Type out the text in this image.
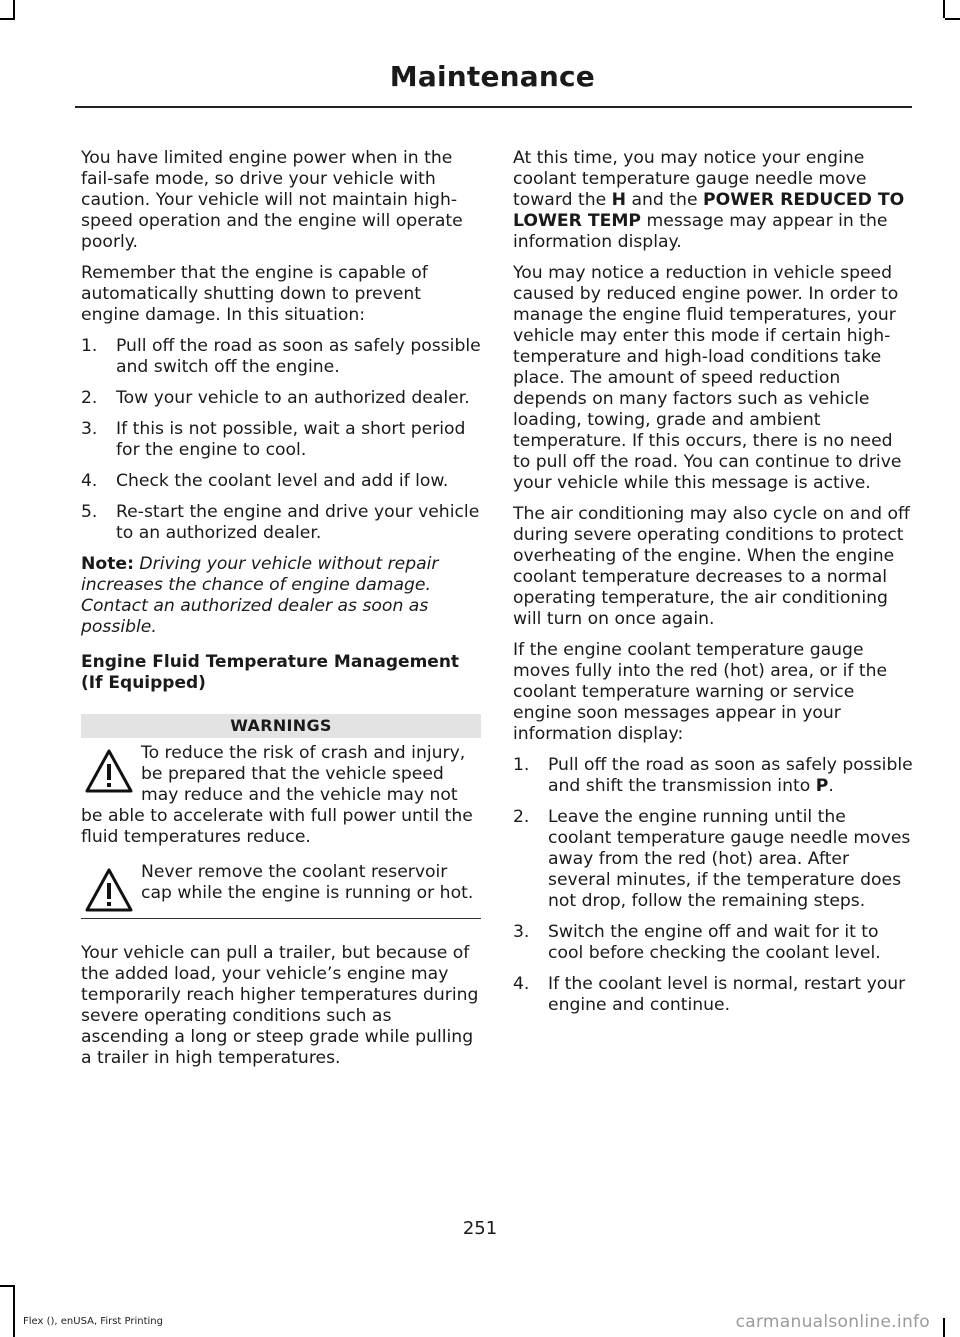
Maintenance

You have limited engine power when in the fail-safe mode, so drive your vehicle with caution. Your vehicle will not maintain high-speed operation and the engine will operate poorly.

Remember that the engine is capable of automatically shutting down to prevent engine damage. In this situation:

1. Pull off the road as soon as safely possible and switch off the engine.
2. Tow your vehicle to an authorized dealer.
3. If this is not possible, wait a short period for the engine to cool.
4. Check the coolant level and add if low.
5. Re-start the engine and drive your vehicle to an authorized dealer.

Note: Driving your vehicle without repair increases the chance of engine damage. Contact an authorized dealer as soon as possible.

Engine Fluid Temperature Management (If Equipped)
WARNINGS
To reduce the risk of crash and injury, be prepared that the vehicle speed may reduce and the vehicle may not be able to accelerate with full power until the fluid temperatures reduce.
Never remove the coolant reservoir cap while the engine is running or hot.

Your vehicle can pull a trailer, but because of the added load, your vehicle’s engine may temporarily reach higher temperatures during severe operating conditions such as ascending a long or steep grade while pulling a trailer in high temperatures.

At this time, you may notice your engine coolant temperature gauge needle move toward the H and the POWER REDUCED TO LOWER TEMP message may appear in the information display.

You may notice a reduction in vehicle speed caused by reduced engine power. In order to manage the engine fluid temperatures, your vehicle may enter this mode if certain high-temperature and high-load conditions take place. The amount of speed reduction depends on many factors such as vehicle loading, towing, grade and ambient temperature. If this occurs, there is no need to pull off the road. You can continue to drive your vehicle while this message is active.

The air conditioning may also cycle on and off during severe operating conditions to protect overheating of the engine. When the engine coolant temperature decreases to a normal operating temperature, the air conditioning will turn on once again.

If the engine coolant temperature gauge moves fully into the red (hot) area, or if the coolant temperature warning or service engine soon messages appear in your information display:

1. Pull off the road as soon as safely possible and shift the transmission into P.
2. Leave the engine running until the coolant temperature gauge needle moves away from the red (hot) area. After several minutes, if the temperature does not drop, follow the remaining steps.
3. Switch the engine off and wait for it to cool before checking the coolant level.
4. If the coolant level is normal, restart your engine and continue.
251
Flex (), enUSA, First Printing	carmanualsonline.info
